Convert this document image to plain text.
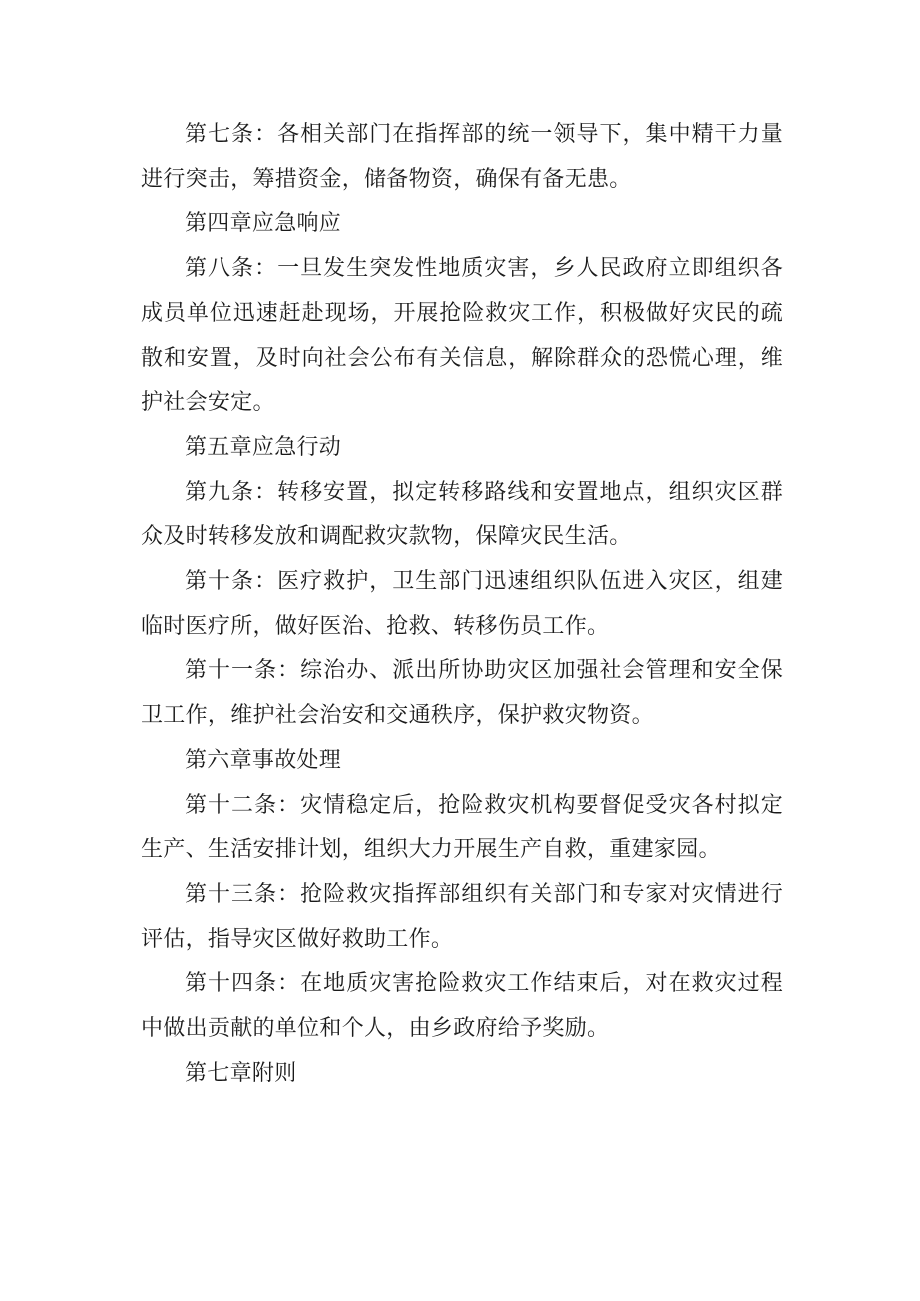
第七条：各相关部门在指挥部的统一领导下，集中精干力量进行突击，筹措资金，储备物资，确保有备无患。

第四章应急响应

第八条：一旦发生突发性地质灾害，乡人民政府立即组织各成员单位迅速赶赴现场，开展抢险救灾工作，积极做好灾民的疏散和安置，及时向社会公布有关信息，解除群众的恐慌心理，维护社会安定。

第五章应急行动

第九条：转移安置，拟定转移路线和安置地点，组织灾区群众及时转移发放和调配救灾款物，保障灾民生活。

第十条：医疗救护，卫生部门迅速组织队伍进入灾区，组建临时医疗所，做好医治、抢救、转移伤员工作。

第十一条：综治办、派出所协助灾区加强社会管理和安全保卫工作，维护社会治安和交通秩序，保护救灾物资。

第六章事故处理

第十二条：灾情稳定后，抢险救灾机构要督促受灾各村拟定生产、生活安排计划，组织大力开展生产自救，重建家园。

第十三条：抢险救灾指挥部组织有关部门和专家对灾情进行评估，指导灾区做好救助工作。

第十四条：在地质灾害抢险救灾工作结束后，对在救灾过程中做出贡献的单位和个人，由乡政府给予奖励。

第七章附则
